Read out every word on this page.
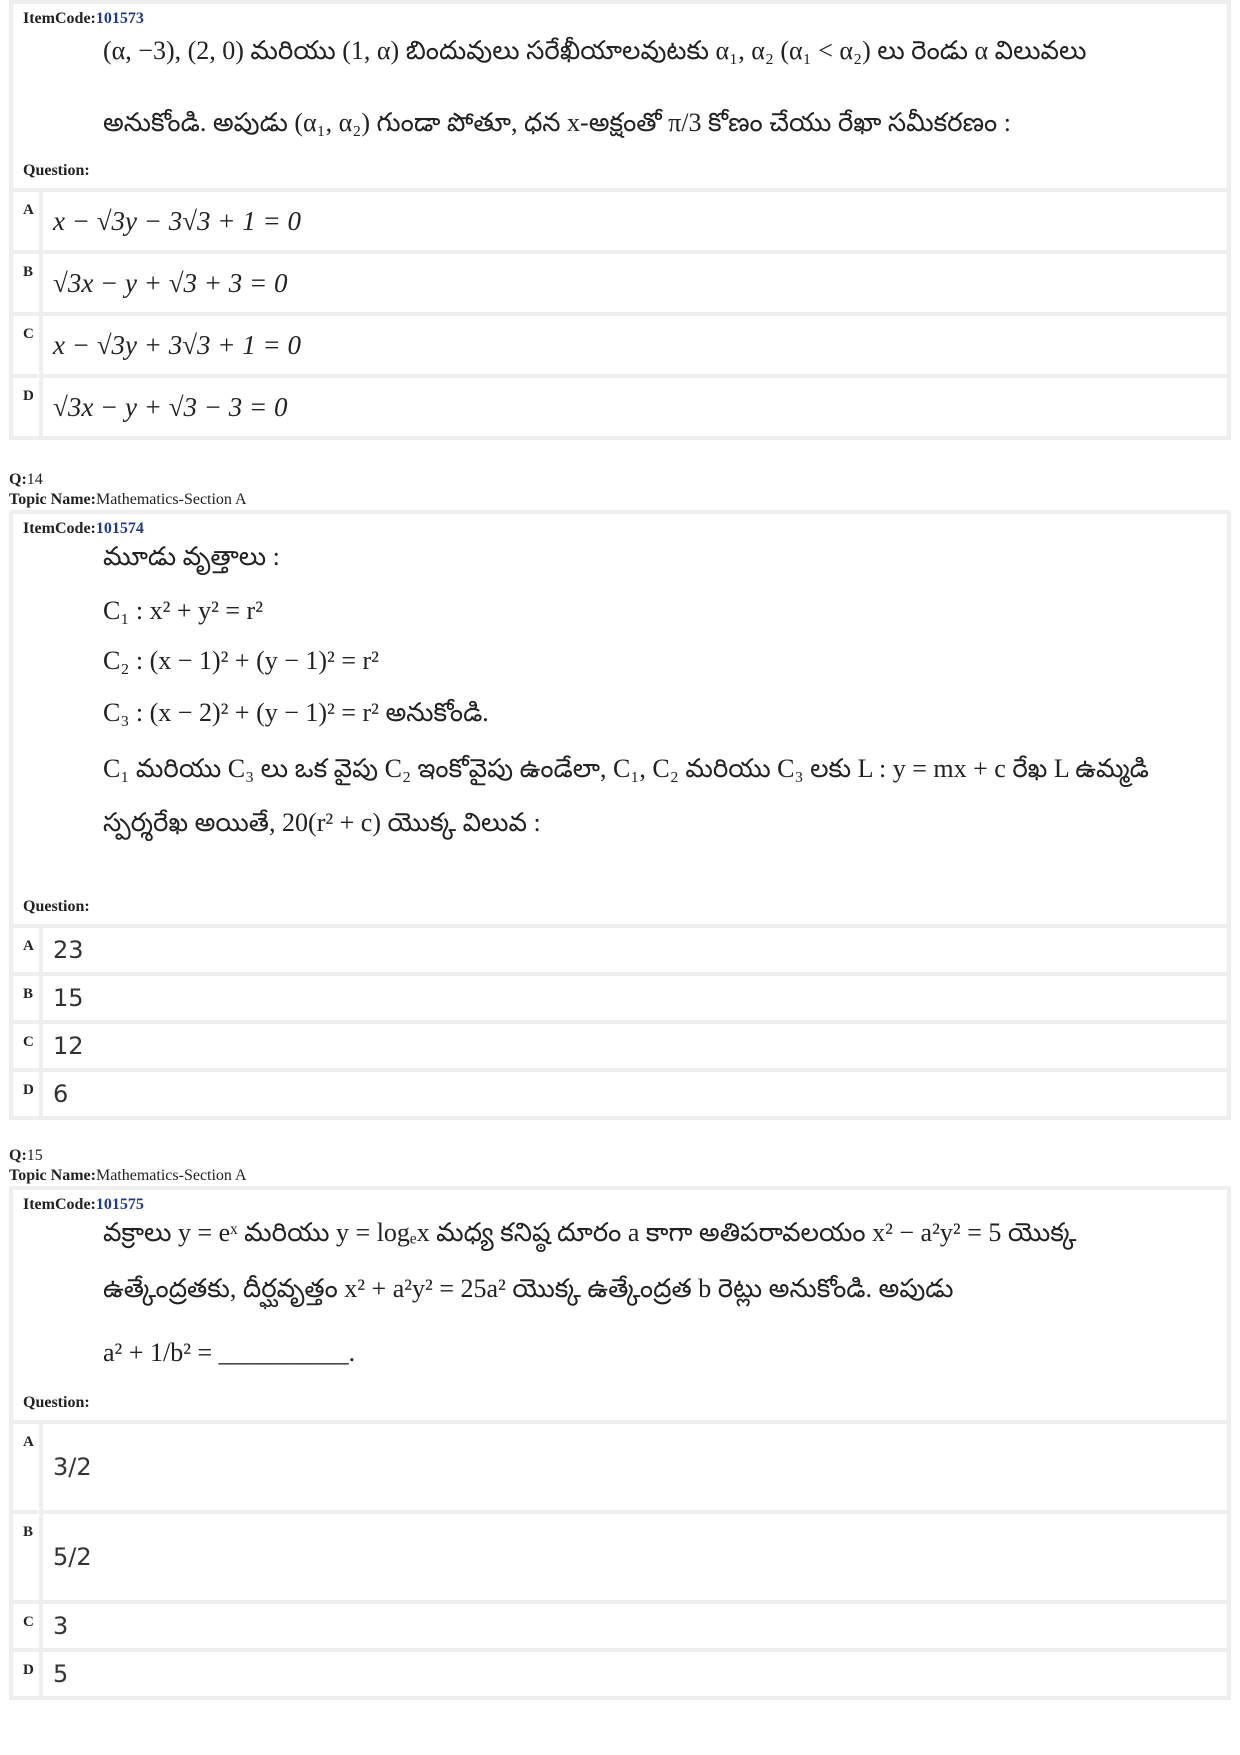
ItemCode:101573
(α, −3), (2, 0) మరియు (1, α) బిందువులు సరేఖీయాలవుటకు α₁, α₂ (α₁ < α₂) లు రెండు α విలువలు
అనుకోండి. అపుడు (α₁, α₂) గుండా పోతూ, ధన x-అక్షంతో π/3 కోణం చేయు రేఖా సమీకరణం :
Question:
A x − √3y − 3√3 + 1 = 0
B √3x − y + √3 + 3 = 0
C x − √3y + 3√3 + 1 = 0
D √3x − y + √3 − 3 = 0
Q:14
Topic Name:Mathematics-Section A
ItemCode:101574
మూడు వృత్తాలు :
C₁ : x² + y² = r²
C₂ : (x − 1)² + (y − 1)² = r²
C₃ : (x − 2)² + (y − 1)² = r² అనుకోండి.
C₁ మరియు C₃ లు ఒక వైపు C₂ ఇంకోవైపు ఉండేలా, C₁, C₂ మరియు C₃ లకు L : y = mx + c రేఖ L ఉమ్మడి
స్పర్శరేఖ అయితే, 20(r² + c) యొక్క విలువ :
Question:
A 23
B 15
C 12
D 6
Q:15
Topic Name:Mathematics-Section A
ItemCode:101575
వక్రాలు y = eˣ మరియు y = logₑx మధ్య కనిష్ఠ దూరం a కాగా అతిపరావలయం x² − a²y² = 5 యొక్క
ఉత్కేంద్రతకు, దీర్ఘవృత్తం x² + a²y² = 25a² యొక్క ఉత్కేంద్రత b రెట్లు అనుకోండి. అపుడు
a² + 1/b² = __________.
Question:
A
3/2
B
5/2
C 3
D 5
